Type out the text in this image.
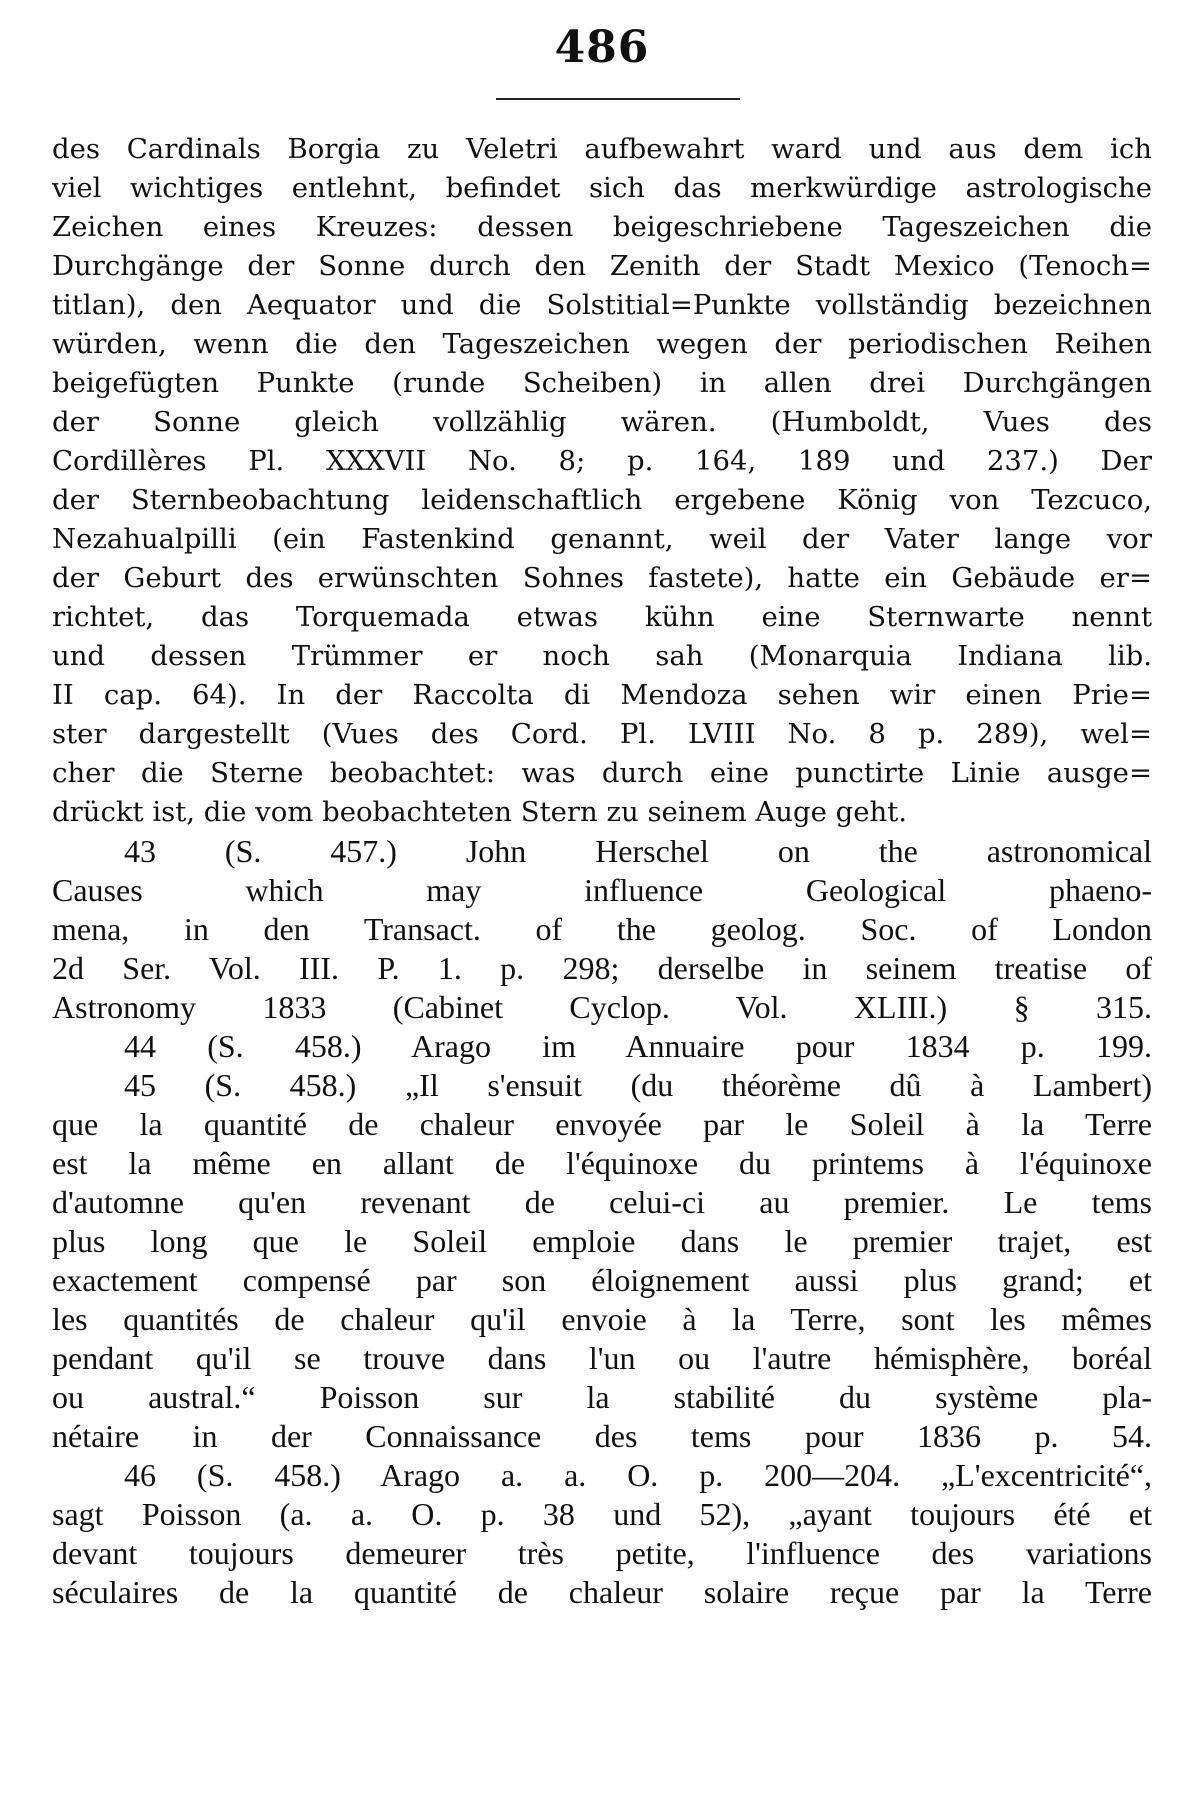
486
des Cardinals Borgia zu Veletri aufbewahrt ward und aus dem ich
viel wichtiges entlehnt, befindet sich das merkwürdige astrologische
Zeichen eines Kreuzes: dessen beigeschriebene Tageszeichen die
Durchgänge der Sonne durch den Zenith der Stadt Mexico (Tenoch=
titlan), den Aequator und die Solstitial=Punkte vollständig bezeichnen
würden, wenn die den Tageszeichen wegen der periodischen Reihen
beigefügten Punkte (runde Scheiben) in allen drei Durchgängen
der Sonne gleich vollzählig wären. (Humboldt, Vues des
Cordillères Pl. XXXVII No. 8; p. 164, 189 und 237.) Der
der Sternbeobachtung leidenschaftlich ergebene König von Tezcuco,
Nezahualpilli (ein Fastenkind genannt, weil der Vater lange vor
der Geburt des erwünschten Sohnes fastete), hatte ein Gebäude er=
richtet, das Torquemada etwas kühn eine Sternwarte nennt
und dessen Trümmer er noch sah (Monarquia Indiana lib.
II cap. 64). In der Raccolta di Mendoza sehen wir einen Prie=
ster dargestellt (Vues des Cord. Pl. LVIII No. 8 p. 289), wel=
cher die Sterne beobachtet: was durch eine punctirte Linie ausge=
drückt ist, die vom beobachteten Stern zu seinem Auge geht.
43 (S. 457.) John Herschel on the astronomical
Causes which may influence Geological phaeno-
mena, in den Transact. of the geolog. Soc. of London
2d Ser. Vol. III. P. 1. p. 298; derselbe in seinem treatise of
Astronomy 1833 (Cabinet Cyclop. Vol. XLIII.) § 315.
44 (S. 458.) Arago im Annuaire pour 1834 p. 199.
45 (S. 458.) „Il s'ensuit (du théorème dû à Lambert)
que la quantité de chaleur envoyée par le Soleil à la Terre
est la même en allant de l'équinoxe du printems à l'équinoxe
d'automne qu'en revenant de celui-ci au premier. Le tems
plus long que le Soleil emploie dans le premier trajet, est
exactement compensé par son éloignement aussi plus grand; et
les quantités de chaleur qu'il envoie à la Terre, sont les mêmes
pendant qu'il se trouve dans l'un ou l'autre hémisphère, boréal
ou austral.“ Poisson sur la stabilité du système pla-
nétaire in der Connaissance des tems pour 1836 p. 54.
46 (S. 458.) Arago a. a. O. p. 200—204. „L'excentricité“,
sagt Poisson (a. a. O. p. 38 und 52), „ayant toujours été et
devant toujours demeurer très petite, l'influence des variations
séculaires de la quantité de chaleur solaire reçue par la Terre
